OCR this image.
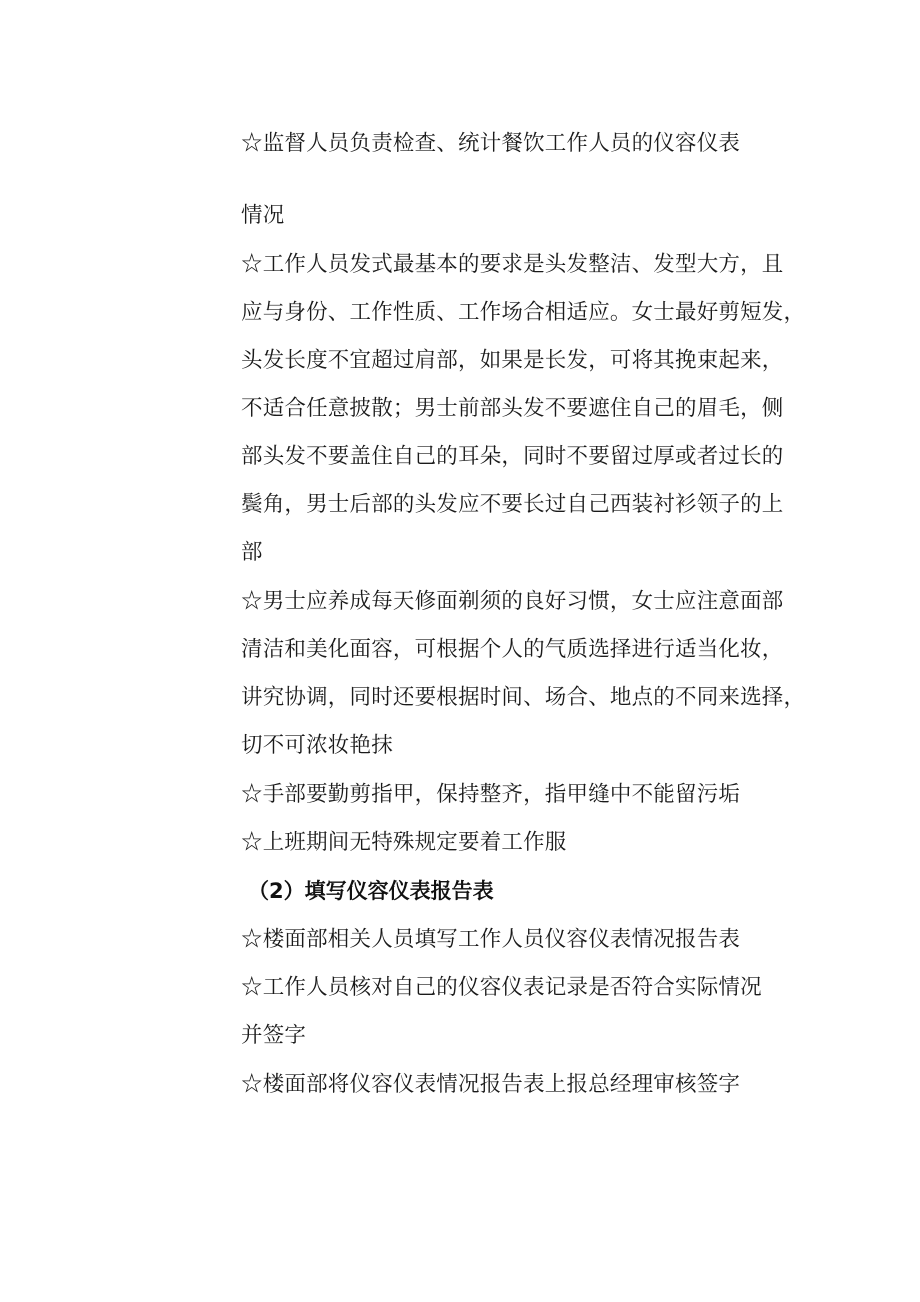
☆监督人员负责检查、统计餐饮工作人员的仪容仪表
情况
☆工作人员发式最基本的要求是头发整洁、发型大方，且
应与身份、工作性质、工作场合相适应。女士最好剪短发，
头发长度不宜超过肩部，如果是长发，可将其挽束起来，
不适合任意披散；男士前部头发不要遮住自己的眉毛，侧
部头发不要盖住自己的耳朵，同时不要留过厚或者过长的
鬓角，男士后部的头发应不要长过自己西装衬衫领子的上
部
☆男士应养成每天修面剃须的良好习惯，女士应注意面部
清洁和美化面容，可根据个人的气质选择进行适当化妆，
讲究协调，同时还要根据时间、场合、地点的不同来选择，
切不可浓妆艳抹
☆手部要勤剪指甲，保持整齐，指甲缝中不能留污垢
☆上班期间无特殊规定要着工作服
（2）填写仪容仪表报告表
☆楼面部相关人员填写工作人员仪容仪表情况报告表
☆工作人员核对自己的仪容仪表记录是否符合实际情况
并签字
☆楼面部将仪容仪表情况报告表上报总经理审核签字
